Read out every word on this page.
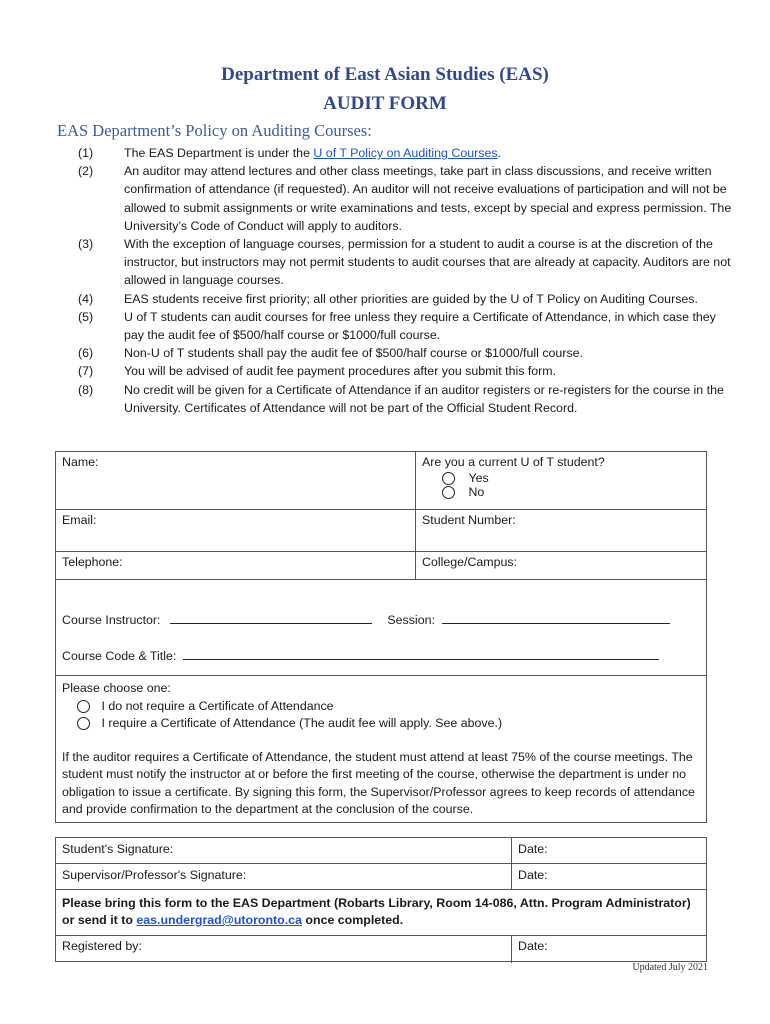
Department of East Asian Studies (EAS)
AUDIT FORM
EAS Department’s Policy on Auditing Courses:
(1)	The EAS Department is under the U of T Policy on Auditing Courses.
(2)	An auditor may attend lectures and other class meetings, take part in class discussions, and receive written confirmation of attendance (if requested). An auditor will not receive evaluations of participation and will not be allowed to submit assignments or write examinations and tests, except by special and express permission. The University’s Code of Conduct will apply to auditors.
(3)	With the exception of language courses, permission for a student to audit a course is at the discretion of the instructor, but instructors may not permit students to audit courses that are already at capacity. Auditors are not allowed in language courses.
(4)	EAS students receive first priority; all other priorities are guided by the U of T Policy on Auditing Courses.
(5)	U of T students can audit courses for free unless they require a Certificate of Attendance, in which case they pay the audit fee of $500/half course or $1000/full course.
(6)	Non-U of T students shall pay the audit fee of $500/half course or $1000/full course.
(7)	You will be advised of audit fee payment procedures after you submit this form.
(8)	No credit will be given for a Certificate of Attendance if an auditor registers or re-registers for the course in the University. Certificates of Attendance will not be part of the Official Student Record.
Name:	Are you a current U of T student?
Yes
No
Email:	Student Number:
Telephone:	College/Campus:
Course Instructor:	Session:
Course Code & Title:
Please choose one:
I do not require a Certificate of Attendance
I require a Certificate of Attendance (The audit fee will apply. See above.)
If the auditor requires a Certificate of Attendance, the student must attend at least 75% of the course meetings. The student must notify the instructor at or before the first meeting of the course, otherwise the department is under no obligation to issue a certificate. By signing this form, the Supervisor/Professor agrees to keep records of attendance and provide confirmation to the department at the conclusion of the course.
Student's Signature:	Date:
Supervisor/Professor's Signature:	Date:
Please bring this form to the EAS Department (Robarts Library, Room 14-086, Attn. Program Administrator) or send it to eas.undergrad@utoronto.ca once completed.
Registered by:	Date:
Updated July 2021
